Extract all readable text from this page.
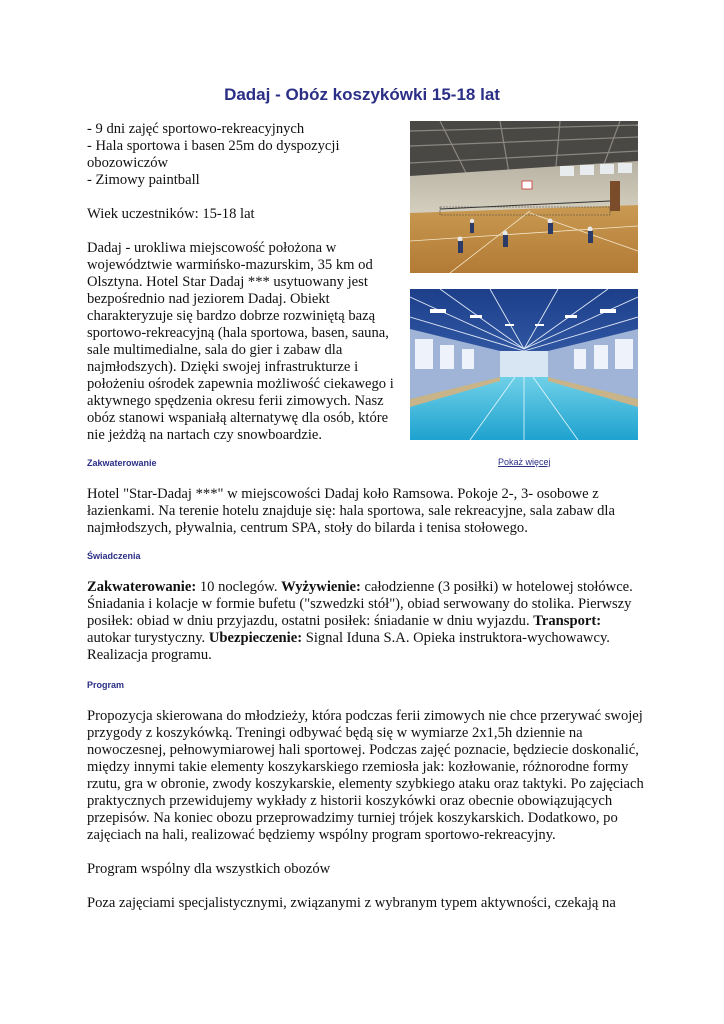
Dadaj - Obóz koszykówki 15-18 lat

- 9 dni zajęć sportowo-rekreacyjnych
- Hala sportowa i basen 25m do dyspozycji obozowiczów
- Zimowy paintball

Wiek uczestników: 15-18 lat

Dadaj - urokliwa miejscowość położona w województwie warmińsko-mazurskim, 35 km od Olsztyna. Hotel Star Dadaj *** usytuowany jest bezpośrednio nad jeziorem Dadaj. Obiekt charakteryzuje się bardzo dobrze rozwiniętą bazą sportowo-rekreacyjną (hala sportowa, basen, sauna, sale multimedialne, sala do gier i zabaw dla najmłodszych). Dzięki swojej infrastrukturze i położeniu ośrodek zapewnia możliwość ciekawego i aktywnego spędzenia okresu ferii zimowych. Nasz obóz stanowi wspaniałą alternatywę dla osób, które nie jeżdżą na nartach czy snowboardzie.

Zakwaterowanie	Pokaż więcej
Hotel "Star-Dadaj ***" w miejscowości Dadaj koło Ramsowa. Pokoje 2-, 3- osobowe z łazienkami. Na terenie hotelu znajduje się: hala sportowa, sale rekreacyjne, sala zabaw dla najmłodszych, pływalnia, centrum SPA, stoły do bilarda i tenisa stołowego.
Świadczenia
Zakwaterowanie: 10 noclegów. Wyżywienie: całodzienne (3 posiłki) w hotelowej stołówce. Śniadania i kolacje w formie bufetu ("szwedzki stół"), obiad serwowany do stolika. Pierwszy posiłek: obiad w dniu przyjazdu, ostatni posiłek: śniadanie w dniu wyjazdu. Transport: autokar turystyczny. Ubezpieczenie: Signal Iduna S.A. Opieka instruktora-wychowawcy. Realizacja programu.
Program

Propozycja skierowana do młodzieży, która podczas ferii zimowych nie chce przerywać swojej przygody z koszykówką. Treningi odbywać będą się w wymiarze 2x1,5h dziennie na nowoczesnej, pełnowymiarowej hali sportowej. Podczas zajęć poznacie, będziecie doskonalić, między innymi takie elementy koszykarskiego rzemiosła jak: kozłowanie, różnorodne formy rzutu, gra w obronie, zwody koszykarskie, elementy szybkiego ataku oraz taktyki. Po zajęciach praktycznych przewidujemy wykłady z historii koszykówki oraz obecnie obowiązujących przepisów. Na koniec obozu przeprowadzimy turniej trójek koszykarskich. Dodatkowo, po zajęciach na hali, realizować będziemy wspólny program sportowo-rekreacyjny.

Program wspólny dla wszystkich obozów

Poza zajęciami specjalistycznymi, związanymi z wybranym typem aktywności, czekają na
